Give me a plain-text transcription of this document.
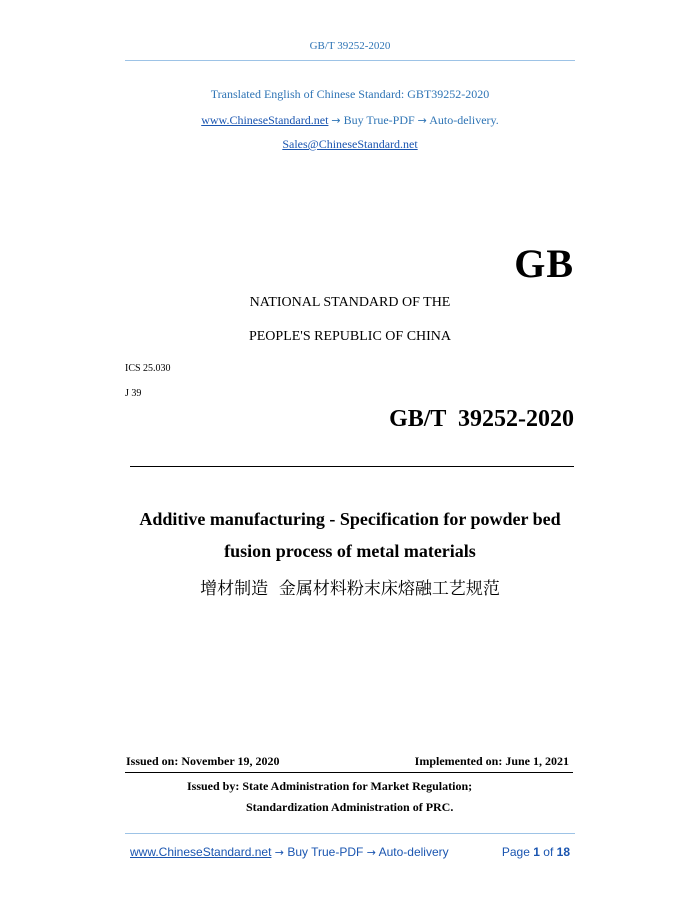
GB/T 39252-2020
Translated English of Chinese Standard: GBT39252-2020
www.ChineseStandard.net → Buy True-PDF → Auto-delivery.
Sales@ChineseStandard.net
GB
NATIONAL STANDARD OF THE
PEOPLE'S REPUBLIC OF CHINA
ICS 25.030
J 39
GB/T  39252-2020
Additive manufacturing - Specification for powder bed
fusion process of metal materials
增材制造  金属材料粉末床熔融工艺规范
Issued on: November 19, 2020	Implemented on: June 1, 2021
Issued by: State Administration for Market Regulation;
Standardization Administration of PRC.
www.ChineseStandard.net → Buy True-PDF → Auto-delivery	Page 1 of 18
